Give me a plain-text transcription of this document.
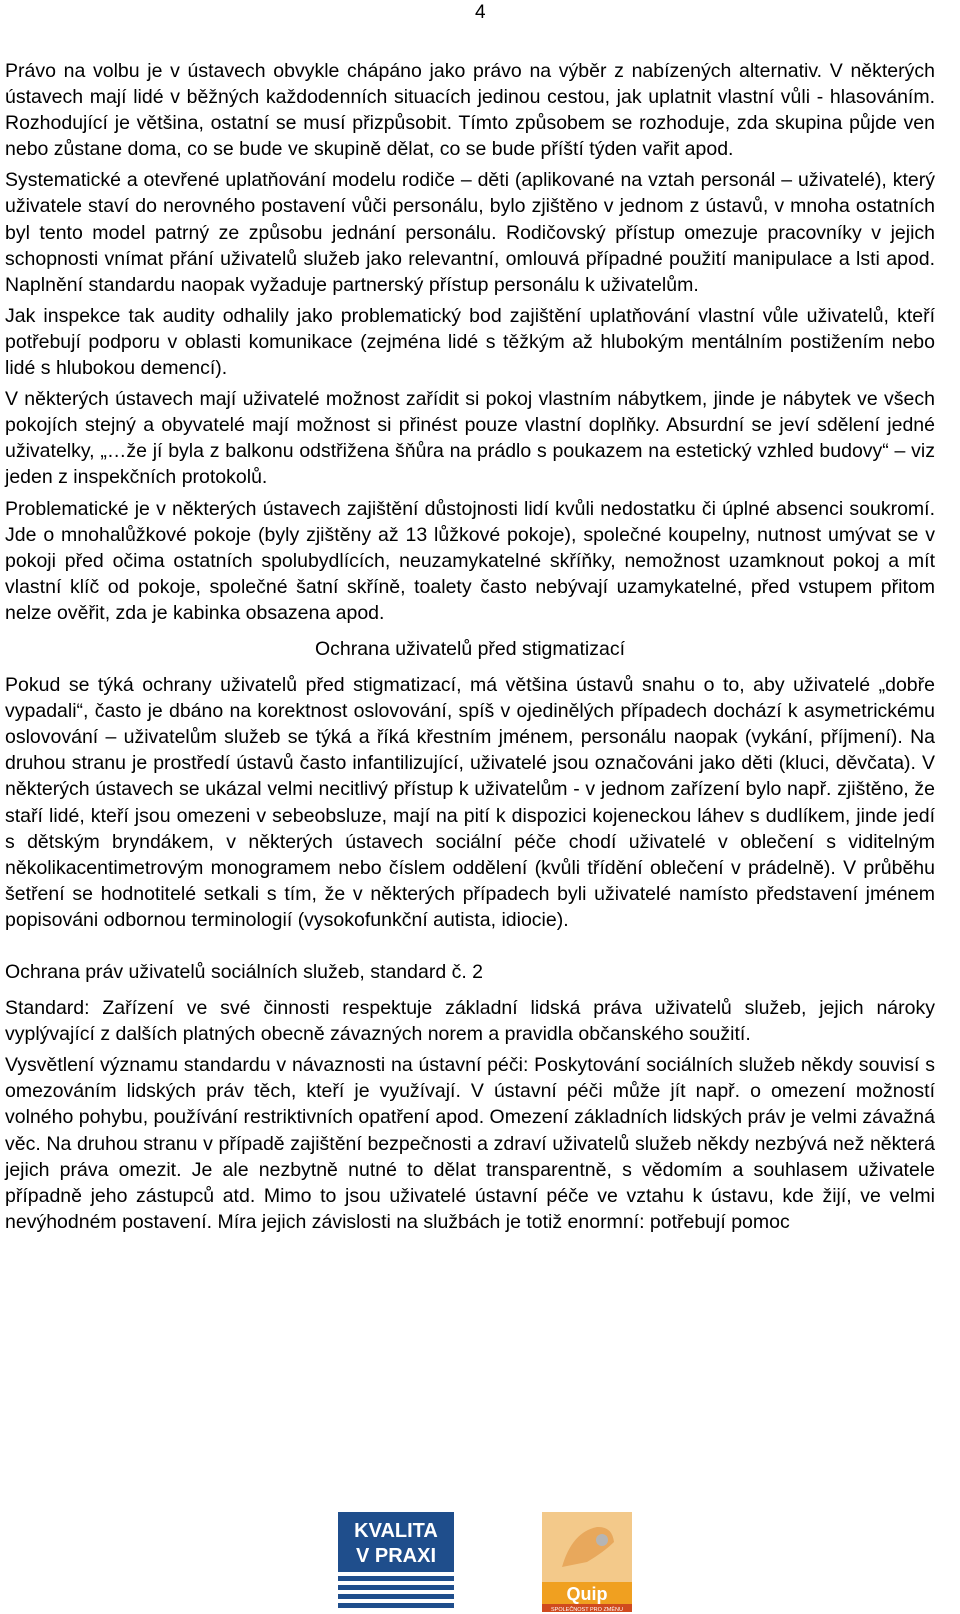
4

Právo na volbu je v ústavech obvykle chápáno jako právo na výběr z nabízených alternativ. V některých ústavech mají lidé v běžných každodenních situacích jedinou cestou, jak uplatnit vlastní vůli - hlasováním. Rozhodující je většina, ostatní se musí přizpůsobit. Tímto způsobem se rozhoduje, zda skupina půjde ven nebo zůstane doma, co se bude ve skupině dělat, co se bude příští týden vařit apod.

Systematické a otevřené uplatňování modelu rodiče – děti (aplikované na vztah personál – uživatelé), který uživatele staví do nerovného postavení vůči personálu, bylo zjištěno v jednom z ústavů, v mnoha ostatních byl tento model patrný ze způsobu jednání personálu. Rodičovský přístup omezuje pracovníky v jejich schopnosti vnímat přání uživatelů služeb jako relevantní, omlouvá případné použití manipulace a lsti apod. Naplnění standardu naopak vyžaduje partnerský přístup personálu k uživatelům.

Jak inspekce tak audity odhalily jako problematický bod zajištění uplatňování vlastní vůle uživatelů, kteří potřebují podporu v oblasti komunikace (zejména lidé s těžkým až hlubokým mentálním postižením nebo lidé s hlubokou demencí).

V některých ústavech mají uživatelé možnost zařídit si pokoj vlastním nábytkem, jinde je nábytek ve všech pokojích stejný a obyvatelé mají možnost si přinést pouze vlastní doplňky. Absurdní se jeví sdělení jedné uživatelky, „…že jí byla z balkonu odstřižena šňůra na prádlo s poukazem na estetický vzhled budovy“ – viz jeden z inspekčních protokolů.

Problematické je v některých ústavech zajištění důstojnosti lidí kvůli nedostatku či úplné absenci soukromí. Jde o mnohalůžkové pokoje (byly zjištěny až 13 lůžkové pokoje), společné koupelny, nutnost umývat se v pokoji před očima ostatních spolubydlících, neuzamykatelné skříňky, nemožnost uzamknout pokoj a mít vlastní klíč od pokoje, společné šatní skříně, toalety často nebývají uzamykatelné, před vstupem přitom nelze ověřit, zda je kabinka obsazena apod.

Ochrana uživatelů před stigmatizací

Pokud se týká ochrany uživatelů před stigmatizací, má většina ústavů snahu o to, aby uživatelé „dobře vypadali“, často je dbáno na korektnost oslovování, spíš v ojedinělých případech dochází k asymetrickému oslovování – uživatelům služeb se týká a říká křestním jménem, personálu naopak (vykání, příjmení). Na druhou stranu je prostředí ústavů často infantilizující, uživatelé jsou označováni jako děti (kluci, děvčata). V některých ústavech se ukázal velmi necitlivý přístup k uživatelům - v jednom zařízení bylo např. zjištěno, že staří lidé, kteří jsou omezeni v sebeobsluze, mají na pití k dispozici kojeneckou láhev s dudlíkem, jinde jedí s dětským bryndákem, v některých ústavech sociální péče chodí uživatelé v oblečení s viditelným několikacentimetrovým monogramem nebo číslem oddělení (kvůli třídění oblečení v prádelně). V průběhu šetření se hodnotitelé setkali s tím, že v některých případech byli uživatelé namísto představení jménem popisováni odbornou terminologií (vysokofunkční autista, idiocie).

Ochrana práv uživatelů sociálních služeb, standard č. 2

Standard: Zařízení ve své činnosti respektuje základní lidská práva uživatelů služeb, jejich nároky vyplývající z dalších platných obecně závazných norem a pravidla občanského soužití.

Vysvětlení významu standardu v návaznosti na ústavní péči: Poskytování sociálních služeb někdy souvisí s omezováním lidských práv těch, kteří je využívají. V ústavní péči může jít např. o omezení možností volného pohybu, používání restriktivních opatření apod. Omezení základních lidských práv je velmi závažná věc. Na druhou stranu v případě zajištění bezpečnosti a zdraví uživatelů služeb někdy nezbývá než některá jejich práva omezit. Je ale nezbytně nutné to dělat transparentně, s vědomím a souhlasem uživatele případně jeho zástupců atd. Mimo to jsou uživatelé ústavní péče ve vztahu k ústavu, kde žijí, ve velmi nevýhodném postavení. Míra jejich závislosti na službách je totiž enormní: potřebují pomoc

KVALITA
V PRAXI
Quip
SPOLEČNOST PRO ZMĚNU
